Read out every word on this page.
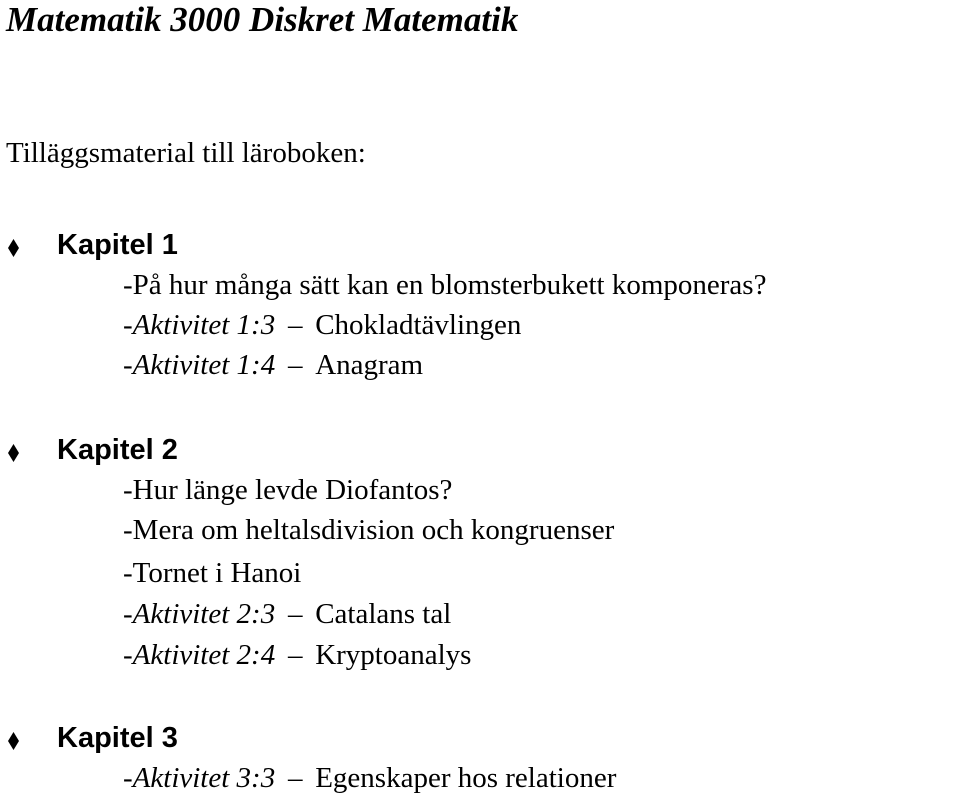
Matematik 3000 Diskret Matematik
Tilläggsmaterial till läroboken:
Kapitel 1
-På hur många sätt kan en blomsterbukett komponeras?
-Aktivitet 1:3 – Chokladtävlingen
-Aktivitet 1:4 – Anagram
Kapitel 2
-Hur länge levde Diofantos?
-Mera om heltalsdivision och kongruenser
-Tornet i Hanoi
-Aktivitet 2:3 – Catalans tal
-Aktivitet 2:4 – Kryptoanalys
Kapitel 3
-Aktivitet 3:3 – Egenskaper hos relationer
